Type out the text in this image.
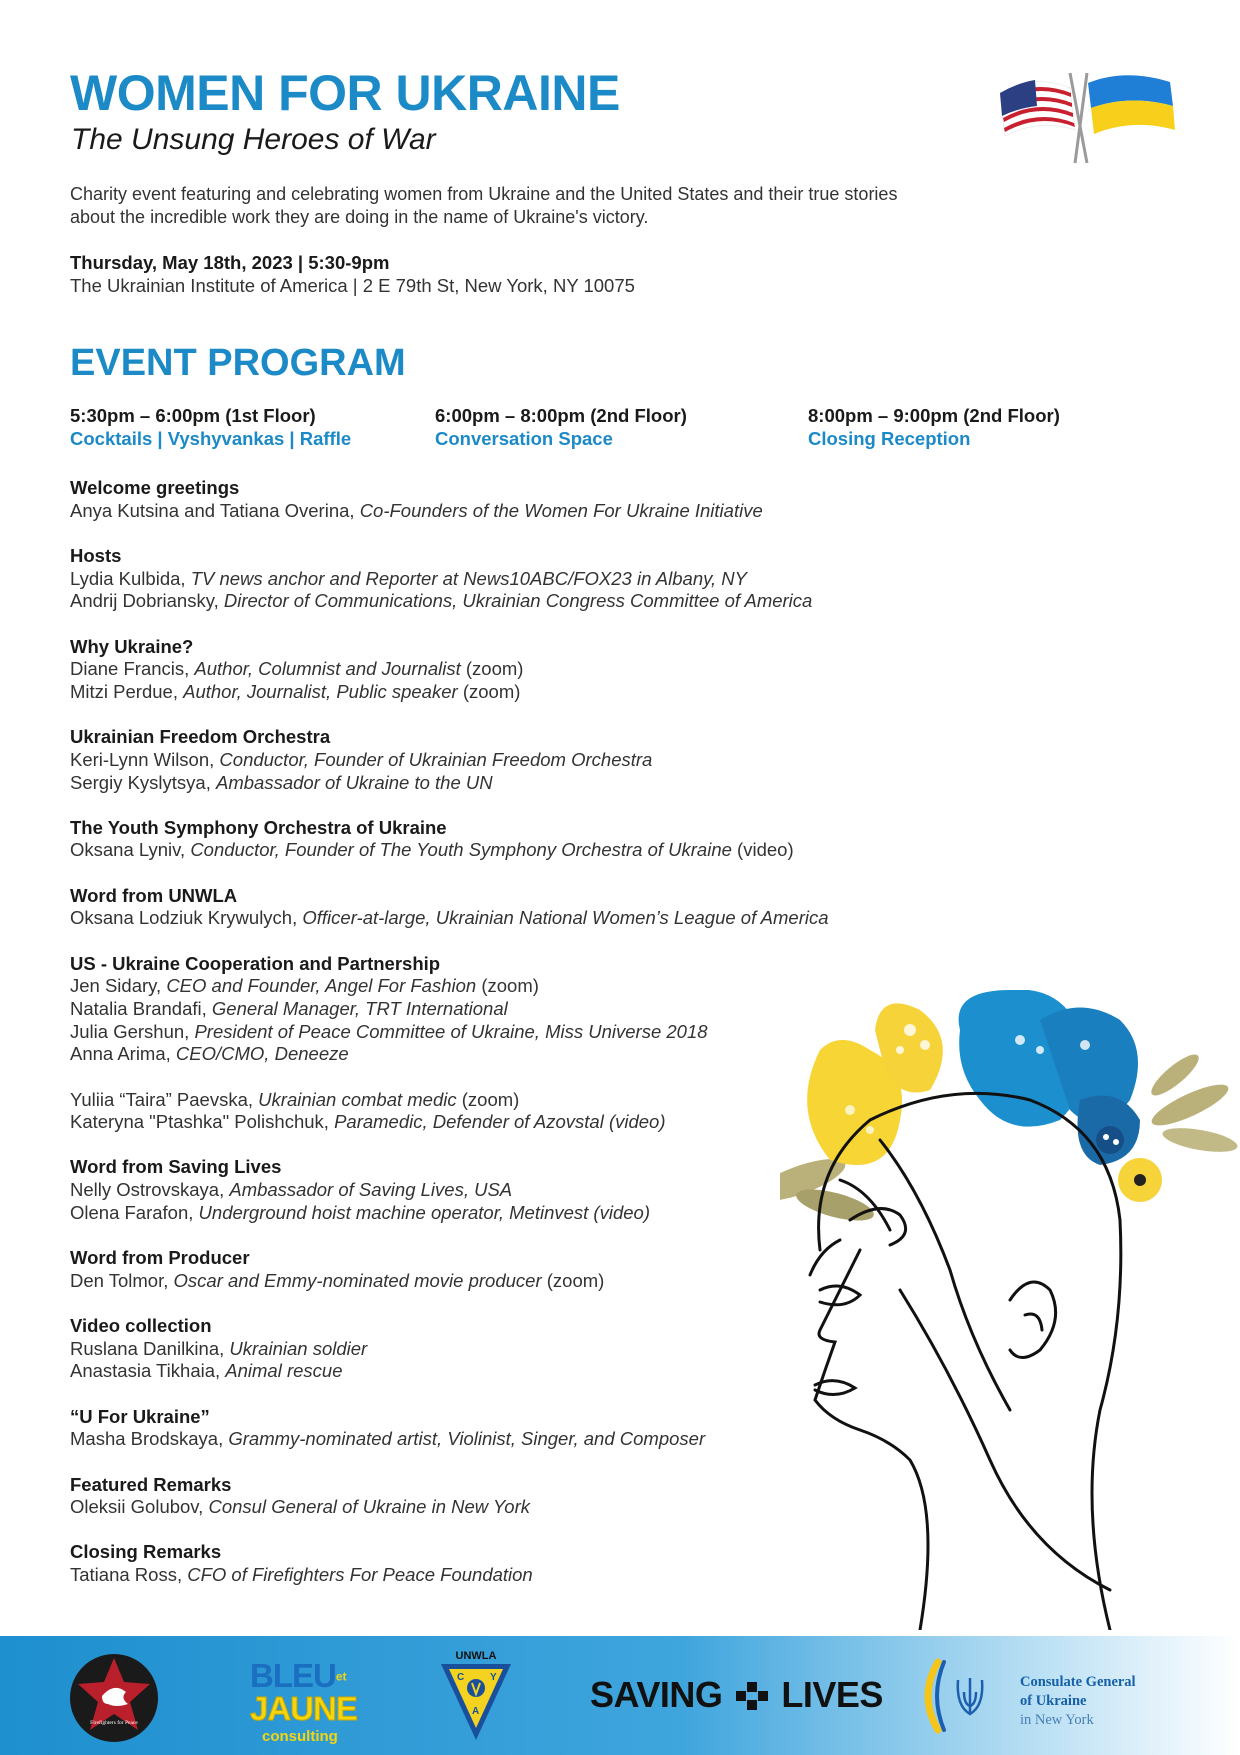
WOMEN FOR UKRAINE
The Unsung Heroes of War
Charity event featuring and celebrating women from Ukraine and the United States and their true stories about the incredible work they are doing in the name of Ukraine's victory.
Thursday, May 18th, 2023 | 5:30-9pm
The Ukrainian Institute of America | 2 E 79th St, New York, NY 10075
EVENT PROGRAM
5:30pm – 6:00pm (1st Floor)
Cocktails | Vyshyvankas | Raffle
6:00pm – 8:00pm (2nd Floor)
Conversation Space
8:00pm – 9:00pm (2nd Floor)
Closing Reception
Welcome greetings
Anya Kutsina and Tatiana Overina, Co-Founders of the Women For Ukraine Initiative
Hosts
Lydia Kulbida, TV news anchor and Reporter at News10ABC/FOX23 in Albany, NY
Andrij Dobriansky, Director of Communications, Ukrainian Congress Committee of America
Why Ukraine?
Diane Francis, Author, Columnist and Journalist (zoom)
Mitzi Perdue, Author, Journalist, Public speaker (zoom)
Ukrainian Freedom Orchestra
Keri-Lynn Wilson, Conductor, Founder of Ukrainian Freedom Orchestra
Sergiy Kyslytsya, Ambassador of Ukraine to the UN
The Youth Symphony Orchestra of Ukraine
Oksana Lyniv, Conductor, Founder of The Youth Symphony Orchestra of Ukraine (video)
Word from UNWLA
Oksana Lodziuk Krywulych, Officer-at-large, Ukrainian National Women’s League of America
US - Ukraine Cooperation and Partnership
Jen Sidary, CEO and Founder, Angel For Fashion (zoom)
Natalia Brandafi, General Manager, TRT International
Julia Gershun, President of Peace Committee of Ukraine, Miss Universe 2018
Anna Arima, CEO/CMO, Deneeze
Yuliia “Taira” Paevska, Ukrainian combat medic (zoom)
Kateryna "Ptashka" Polishchuk, Paramedic, Defender of Azovstal (video)
Word from Saving Lives
Nelly Ostrovskaya, Ambassador of Saving Lives, USA
Olena Farafon, Underground hoist machine operator, Metinvest (video)
Word from Producer
Den Tolmor, Oscar and Emmy-nominated movie producer (zoom)
Video collection
Ruslana Danilkina, Ukrainian soldier
Anastasia Tikhaia, Animal rescue
“U For Ukraine”
Masha Brodskaya, Grammy-nominated artist, Violinist, Singer, and Composer
Featured Remarks
Oleksii Golubov, Consul General of Ukraine in New York
Closing Remarks
Tatiana Ross, CFO of Firefighters For Peace Foundation
Firefighters for Peace
$BLEU^{et}$
JAUNE
consulting
UNWLA
C	Y
A	SAVING LIVES	Consulate General
of Ukraine
in New York
